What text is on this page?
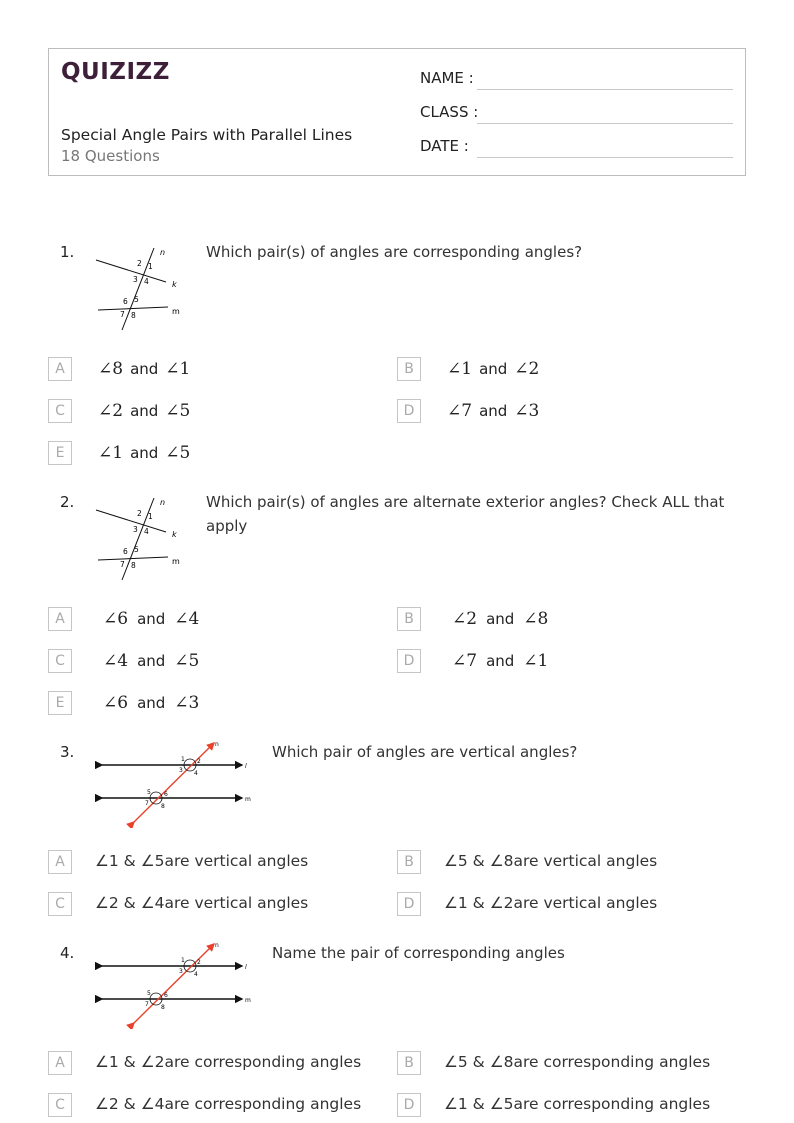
QUIZIZZ
Special Angle Pairs with Parallel Lines
18 Questions
NAME :
CLASS :
DATE :
1.	n
k
m
2 1
3 4
6 5
7 8
Which pair(s) of angles are corresponding angles?
A	∠8 and ∠1	B	∠1 and ∠2
C	∠2 and ∠5	D	∠7 and ∠3
E	∠1 and ∠5
2.	n
k
m
2 1
3 4
6 5
7 8
Which pair(s) of angles are alternate exterior angles? Check ALL that
apply
A	∠6 and ∠4	B	∠2 and ∠8
C	∠4 and ∠5	D	∠7 and ∠1
E	∠6 and ∠3
3.	n
l
m
1 2
3 4
5 6
7 8
Which pair of angles are vertical angles?
A	∠1 & ∠5are vertical angles	B	∠5 & ∠8are vertical angles
C	∠2 & ∠4are vertical angles	D	∠1 & ∠2are vertical angles
4.	n
l
m
1 2
3 4
5 6
7 8
Name the pair of corresponding angles
A	∠1 & ∠2are corresponding angles	B	∠5 & ∠8are corresponding angles
C	∠2 & ∠4are corresponding angles	D	∠1 & ∠5are corresponding angles
